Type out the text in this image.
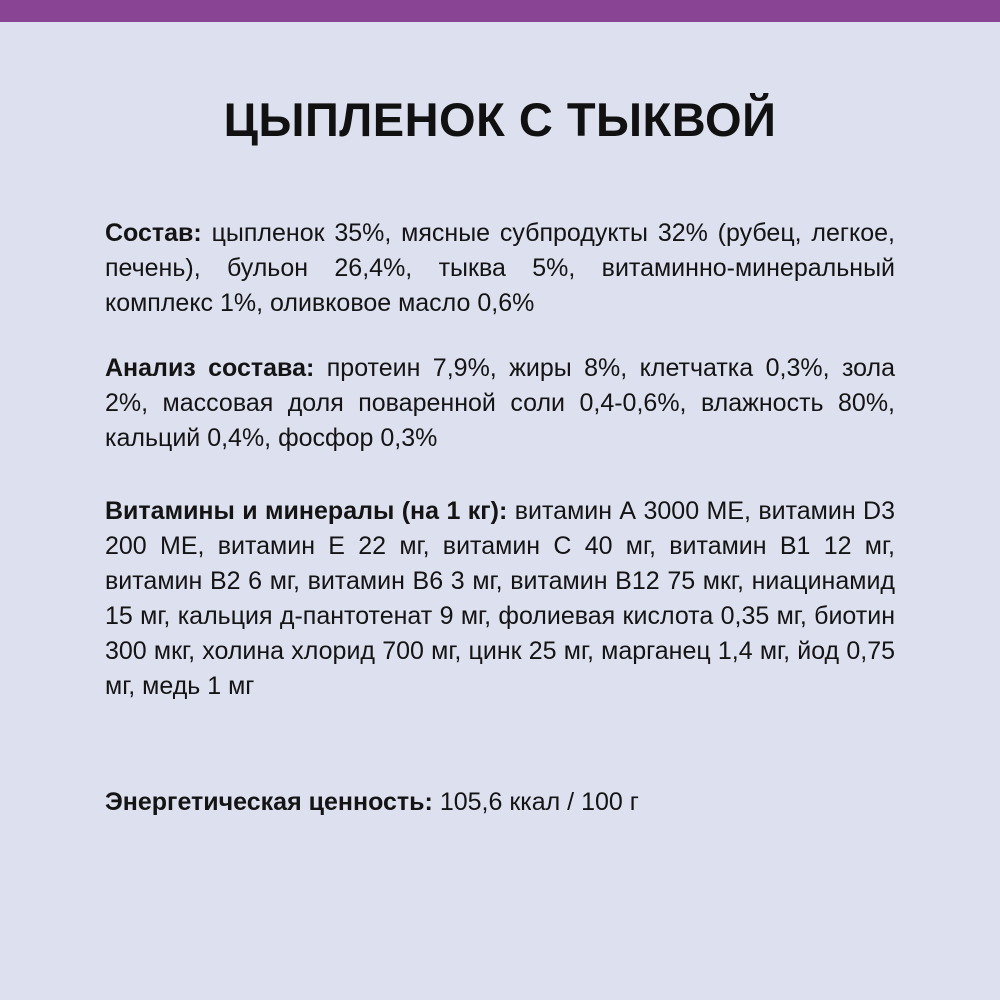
ЦЫПЛЕНОК С ТЫКВОЙ

Состав: цыпленок 35%, мясные субпродукты 32% (рубец, легкое, печень), бульон 26,4%, тыква 5%, витаминно-минеральный комплекс 1%, оливковое масло 0,6%

Анализ состава: протеин 7,9%, жиры 8%, клетчатка 0,3%, зола 2%, массовая доля поваренной соли 0,4-0,6%, влажность 80%, кальций 0,4%, фосфор 0,3%

Витамины и минералы (на 1 кг): витамин А 3000 МЕ, витамин D3 200 МЕ, витамин Е 22 мг, витамин С 40 мг, витамин В1 12 мг, витамин В2 6 мг, витамин В6 3 мг, витамин В12 75 мкг, ниацинамид 15 мг, кальция д-пантотенат 9 мг, фолиевая кислота 0,35 мг, биотин 300 мкг, холина хлорид 700 мг, цинк 25 мг, марганец 1,4 мг, йод 0,75 мг, медь 1 мг

Энергетическая ценность: 105,6 ккал / 100 г
